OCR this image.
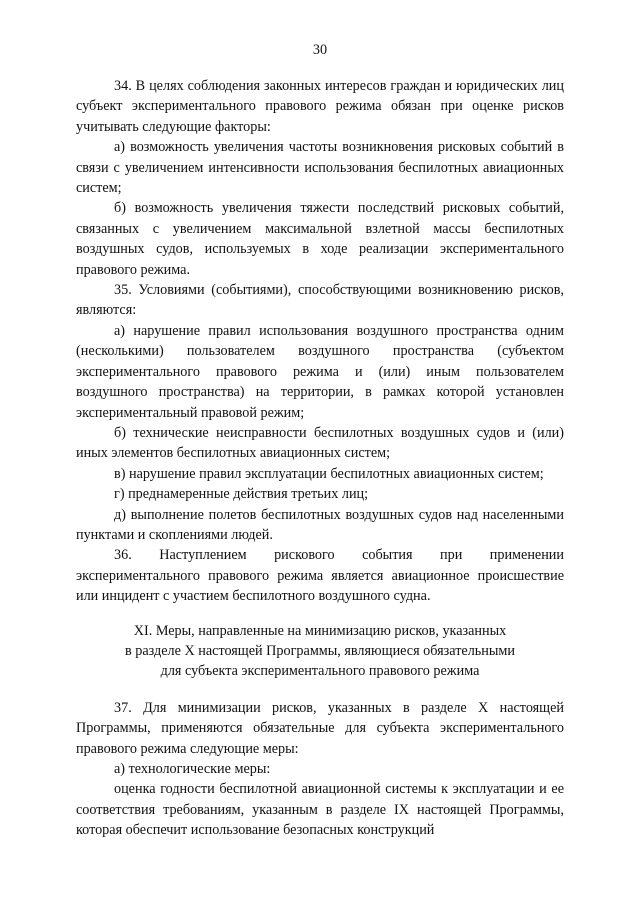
30

34. В целях соблюдения законных интересов граждан и юридических лиц субъект экспериментального правового режима обязан при оценке рисков учитывать следующие факторы:

а) возможность увеличения частоты возникновения рисковых событий в связи с увеличением интенсивности использования беспилотных авиационных систем;

б) возможность увеличения тяжести последствий рисковых событий, связанных с увеличением максимальной взлетной массы беспилотных воздушных судов, используемых в ходе реализации экспериментального правового режима.

35. Условиями (событиями), способствующими возникновению рисков, являются:

а) нарушение правил использования воздушного пространства одним (несколькими) пользователем воздушного пространства (субъектом экспериментального правового режима и (или) иным пользователем воздушного пространства) на территории, в рамках которой установлен экспериментальный правовой режим;

б) технические неисправности беспилотных воздушных судов и (или) иных элементов беспилотных авиационных систем;

в) нарушение правил эксплуатации беспилотных авиационных систем;

г) преднамеренные действия третьих лиц;

д) выполнение полетов беспилотных воздушных судов над населенными пунктами и скоплениями людей.

36. Наступлением рискового события при применении экспериментального правового режима является авиационное происшествие или инцидент с участием беспилотного воздушного судна.

XI. Меры, направленные на минимизацию рисков, указанных
в разделе X настоящей Программы, являющиеся обязательными
для субъекта экспериментального правового режима

37. Для минимизации рисков, указанных в разделе X настоящей Программы, применяются обязательные для субъекта экспериментального правового режима следующие меры:

а) технологические меры:

оценка годности беспилотной авиационной системы к эксплуатации и ее соответствия требованиям, указанным в разделе IX настоящей Программы, которая обеспечит использование безопасных конструкций
